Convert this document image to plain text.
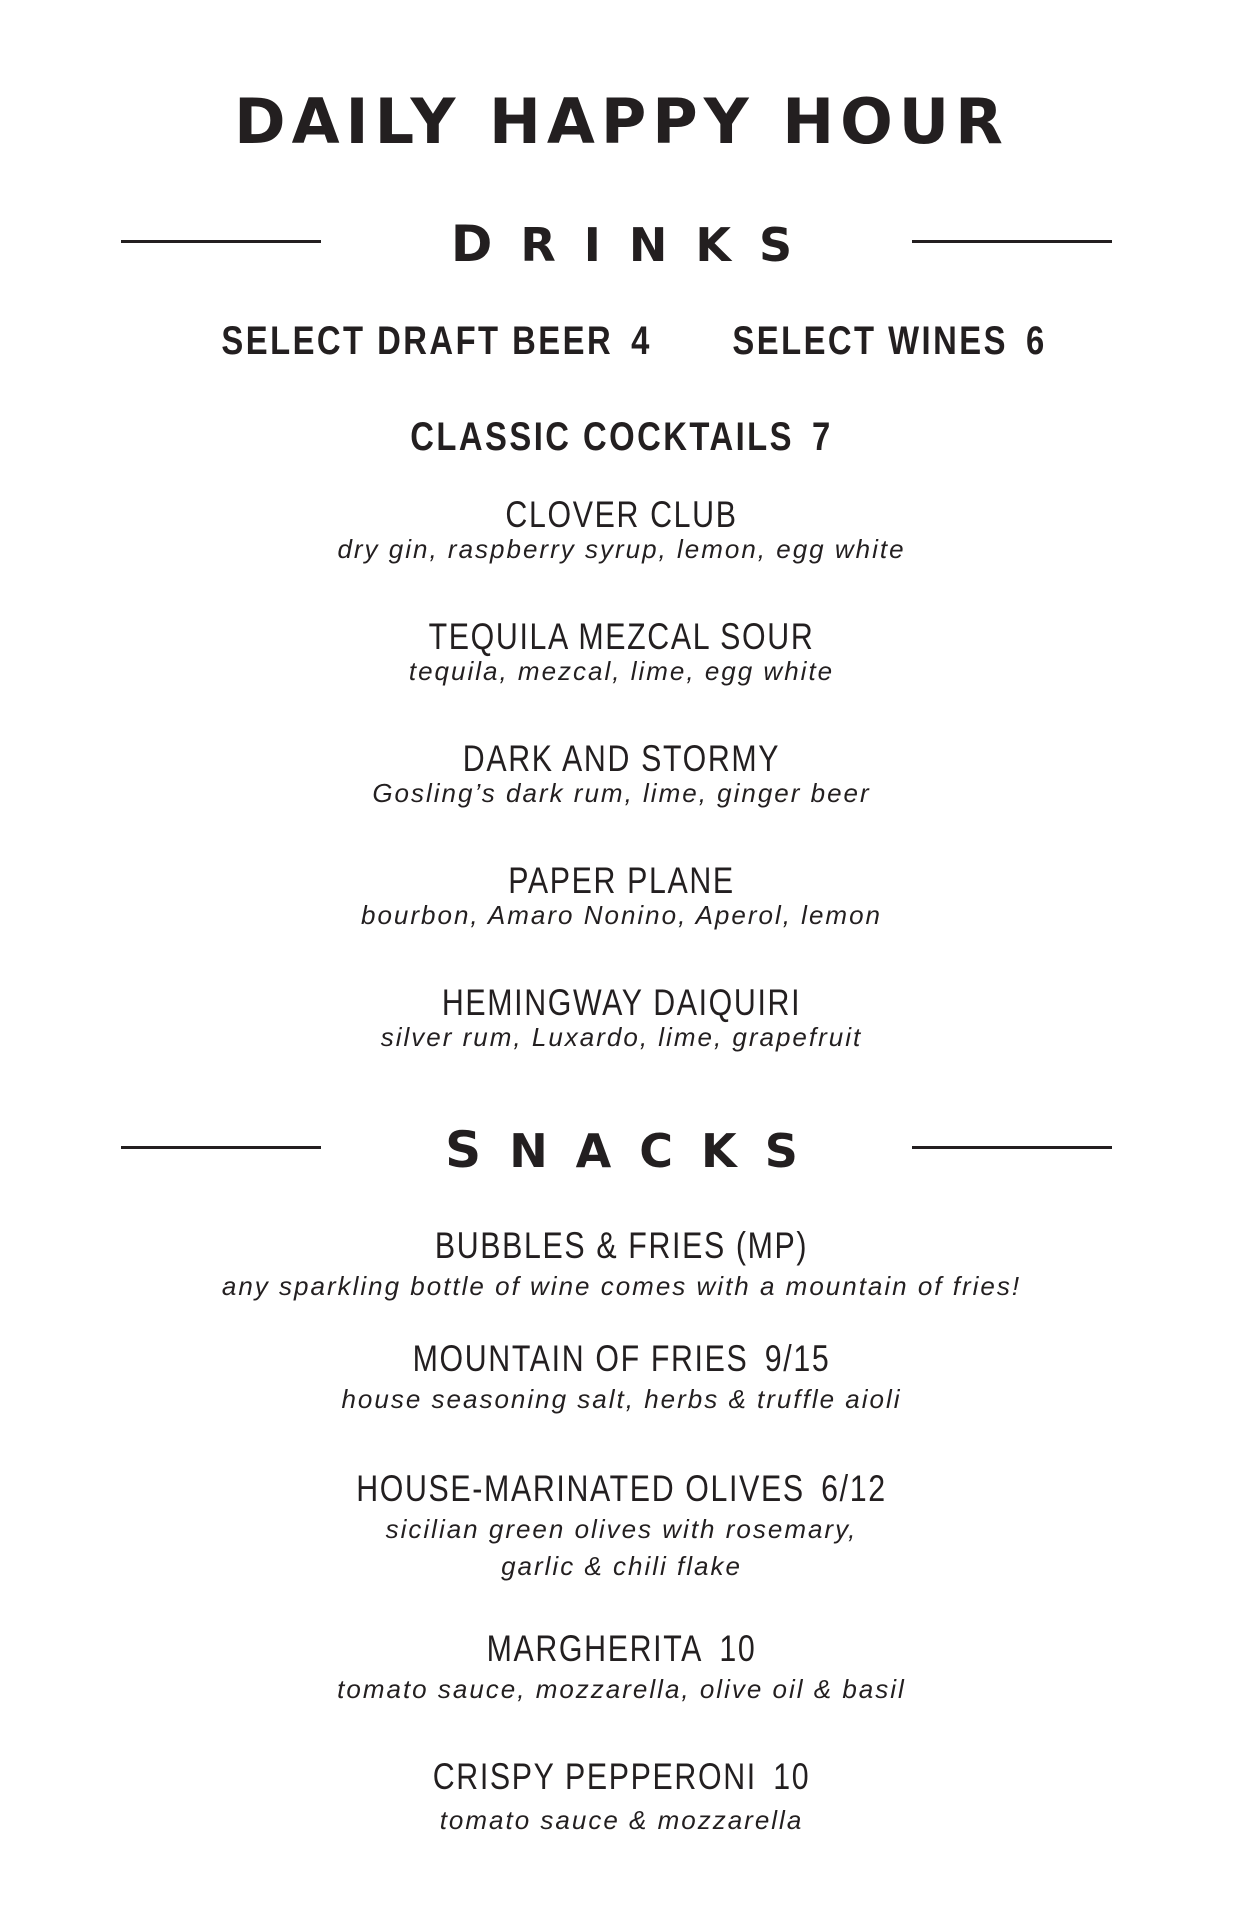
DAILY HAPPY HOUR
DRINKS
SELECT DRAFT BEER 4 SELECT WINES 6
CLASSIC COCKTAILS 7
CLOVER CLUB
dry gin, raspberry syrup, lemon, egg white
TEQUILA MEZCAL SOUR
tequila, mezcal, lime, egg white
DARK AND STORMY
Gosling’s dark rum, lime, ginger beer
PAPER PLANE
bourbon, Amaro Nonino, Aperol, lemon
HEMINGWAY DAIQUIRI
silver rum, Luxardo, lime, grapefruit
SNACKS
BUBBLES & FRIES (MP)
any sparkling bottle of wine comes with a mountain of fries!
MOUNTAIN OF FRIES 9/15
house seasoning salt, herbs & truffle aioli
HOUSE-MARINATED OLIVES 6/12
sicilian green olives with rosemary,
garlic & chili flake
MARGHERITA 10
tomato sauce, mozzarella, olive oil & basil
CRISPY PEPPERONI 10
tomato sauce & mozzarella
